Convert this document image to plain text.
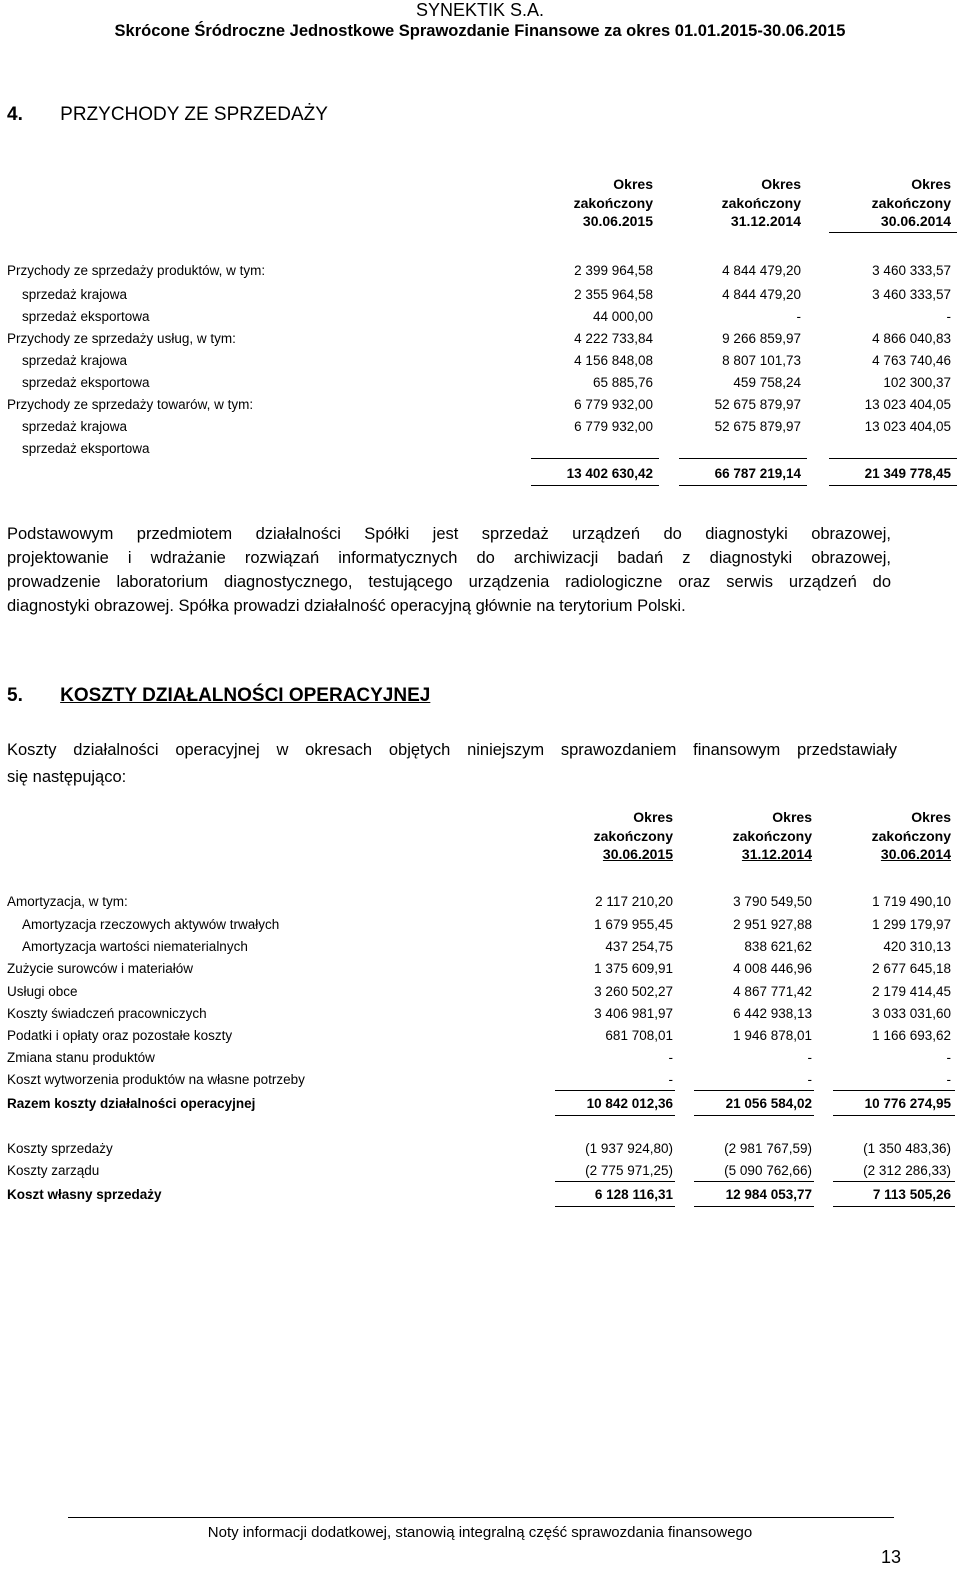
SYNEKTIK S.A.
Skrócone Śródroczne Jednostkowe Sprawozdanie Finansowe za okres 01.01.2015-30.06.2015
4. PRZYCHODY ZE SPRZEDAŻY
Okres
zakończony
30.06.2015
Okres
zakończony
31.12.2014
Okres
zakończony
30.06.2014
Przychody ze sprzedaży produktów, w tym:	2 399 964,58	4 844 479,20	3 460 333,57
sprzedaż krajowa	2 355 964,58	4 844 479,20	3 460 333,57
sprzedaż eksportowa	44 000,00	-	-
Przychody ze sprzedaży usług, w tym:	4 222 733,84	9 266 859,97	4 866 040,83
sprzedaż krajowa	4 156 848,08	8 807 101,73	4 763 740,46
sprzedaż eksportowa	65 885,76	459 758,24	102 300,37
Przychody ze sprzedaży towarów, w tym:	6 779 932,00	52 675 879,97	13 023 404,05
sprzedaż krajowa	6 779 932,00	52 675 879,97	13 023 404,05
sprzedaż eksportowa
13 402 630,42	66 787 219,14	21 349 778,45
Podstawowym przedmiotem działalności Spółki jest sprzedaż urządzeń do diagnostyki obrazowej,
projektowanie i wdrażanie rozwiązań informatycznych do archiwizacji badań z diagnostyki obrazowej,
prowadzenie laboratorium diagnostycznego, testującego urządzenia radiologiczne oraz serwis urządzeń do
diagnostyki obrazowej. Spółka prowadzi działalność operacyjną głównie na terytorium Polski.
5. KOSZTY DZIAŁALNOŚCI OPERACYJNEJ
Koszty działalności operacyjnej w okresach objętych niniejszym sprawozdaniem finansowym przedstawiały
się następująco:
Okres
zakończony
30.06.2015
Okres
zakończony
31.12.2014
Okres
zakończony
30.06.2014
Amortyzacja, w tym:	2 117 210,20	3 790 549,50	1 719 490,10
Amortyzacja rzeczowych aktywów trwałych	1 679 955,45	2 951 927,88	1 299 179,97
Amortyzacja wartości niematerialnych	437 254,75	838 621,62	420 310,13
Zużycie surowców i materiałów	1 375 609,91	4 008 446,96	2 677 645,18
Usługi obce	3 260 502,27	4 867 771,42	2 179 414,45
Koszty świadczeń pracowniczych	3 406 981,97	6 442 938,13	3 033 031,60
Podatki i opłaty oraz pozostałe koszty	681 708,01	1 946 878,01	1 166 693,62
Zmiana stanu produktów	-	-	-
Koszt wytworzenia produktów na własne potrzeby	-	-	-
Razem koszty działalności operacyjnej	10 842 012,36	21 056 584,02	10 776 274,95
Koszty sprzedaży	(1 937 924,80)	(2 981 767,59)	(1 350 483,36)
Koszty zarządu	(2 775 971,25)	(5 090 762,66)	(2 312 286,33)
Koszt własny sprzedaży	6 128 116,31	12 984 053,77	7 113 505,26
Noty informacji dodatkowej, stanowią integralną część sprawozdania finansowego
13
